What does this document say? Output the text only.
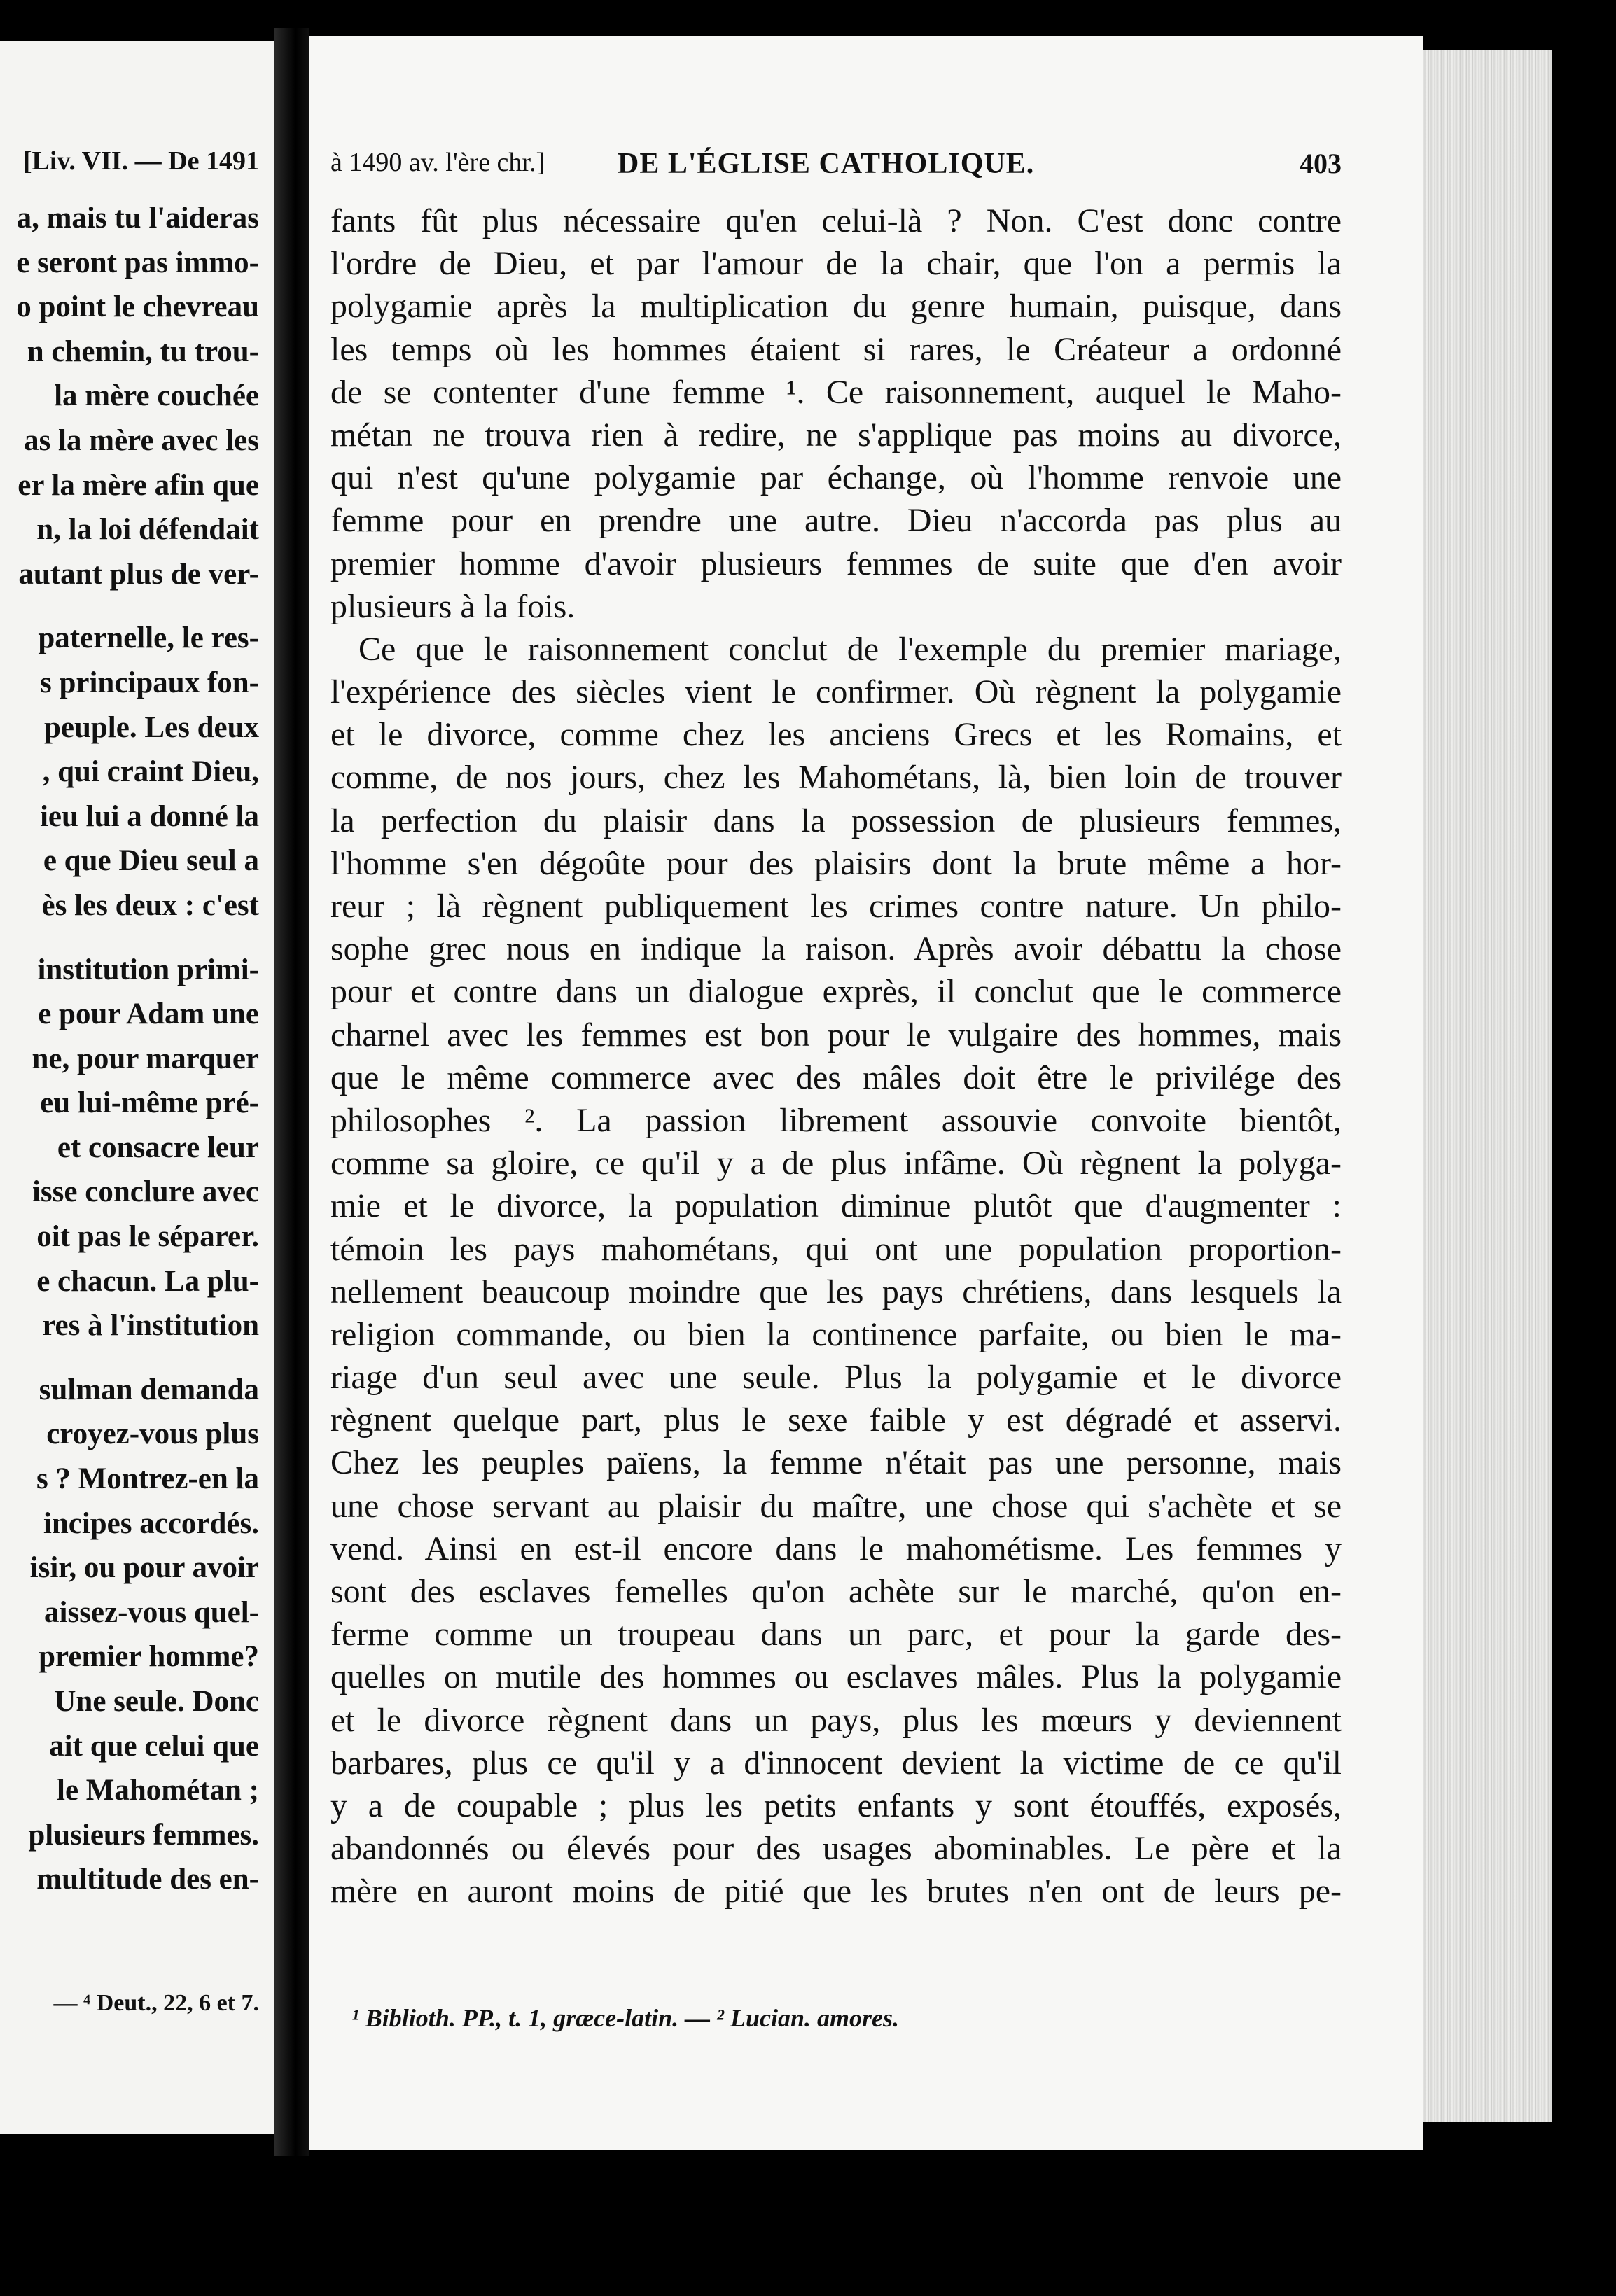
[Liv. VII. — De 1491
a, mais tu l'aideras
e seront pas immo-
o point le chevreau
n chemin, tu trou-
la mère couchée
as la mère avec les
er la mère afin que
n, la loi défendait
autant plus de ver-
paternelle, le res-
s principaux fon-
peuple. Les deux
, qui craint Dieu,
ieu lui a donné la
e que Dieu seul a
ès les deux : c'est
institution primi-
e pour Adam une
ne, pour marquer
eu lui-même pré-
et consacre leur
isse conclure avec
oit pas le séparer.
e chacun. La plu-
res à l'institution
sulman demanda
croyez-vous plus
s ? Montrez-en la
incipes accordés.
isir, ou pour avoir
aissez-vous quel-
premier homme?
Une seule. Donc
ait que celui que
le Mahométan ;
plusieurs femmes.
multitude des en-
— ⁴ Deut., 22, 6 et 7.
à 1490 av. l'ère chr.] DE L'ÉGLISE CATHOLIQUE.	403
fants fût plus nécessaire qu'en celui-là ? Non. C'est donc contre
l'ordre de Dieu, et par l'amour de la chair, que l'on a permis la
polygamie après la multiplication du genre humain, puisque, dans
les temps où les hommes étaient si rares, le Créateur a ordonné
de se contenter d'une femme ¹. Ce raisonnement, auquel le Maho-
métan ne trouva rien à redire, ne s'applique pas moins au divorce,
qui n'est qu'une polygamie par échange, où l'homme renvoie une
femme pour en prendre une autre. Dieu n'accorda pas plus au
premier homme d'avoir plusieurs femmes de suite que d'en avoir
plusieurs à la fois.
Ce que le raisonnement conclut de l'exemple du premier mariage,
l'expérience des siècles vient le confirmer. Où règnent la polygamie
et le divorce, comme chez les anciens Grecs et les Romains, et
comme, de nos jours, chez les Mahométans, là, bien loin de trouver
la perfection du plaisir dans la possession de plusieurs femmes,
l'homme s'en dégoûte pour des plaisirs dont la brute même a hor-
reur ; là règnent publiquement les crimes contre nature. Un philo-
sophe grec nous en indique la raison. Après avoir débattu la chose
pour et contre dans un dialogue exprès, il conclut que le commerce
charnel avec les femmes est bon pour le vulgaire des hommes, mais
que le même commerce avec des mâles doit être le privilége des
philosophes ². La passion librement assouvie convoite bientôt,
comme sa gloire, ce qu'il y a de plus infâme. Où règnent la polyga-
mie et le divorce, la population diminue plutôt que d'augmenter :
témoin les pays mahométans, qui ont une population proportion-
nellement beaucoup moindre que les pays chrétiens, dans lesquels la
religion commande, ou bien la continence parfaite, ou bien le ma-
riage d'un seul avec une seule. Plus la polygamie et le divorce
règnent quelque part, plus le sexe faible y est dégradé et asservi.
Chez les peuples païens, la femme n'était pas une personne, mais
une chose servant au plaisir du maître, une chose qui s'achète et se
vend. Ainsi en est-il encore dans le mahométisme. Les femmes y
sont des esclaves femelles qu'on achète sur le marché, qu'on en-
ferme comme un troupeau dans un parc, et pour la garde des-
quelles on mutile des hommes ou esclaves mâles. Plus la polygamie
et le divorce règnent dans un pays, plus les mœurs y deviennent
barbares, plus ce qu'il y a d'innocent devient la victime de ce qu'il
y a de coupable ; plus les petits enfants y sont étouffés, exposés,
abandonnés ou élevés pour des usages abominables. Le père et la
mère en auront moins de pitié que les brutes n'en ont de leurs pe-
¹ Biblioth. PP., t. 1, græce-latin. — ² Lucian. amores.
